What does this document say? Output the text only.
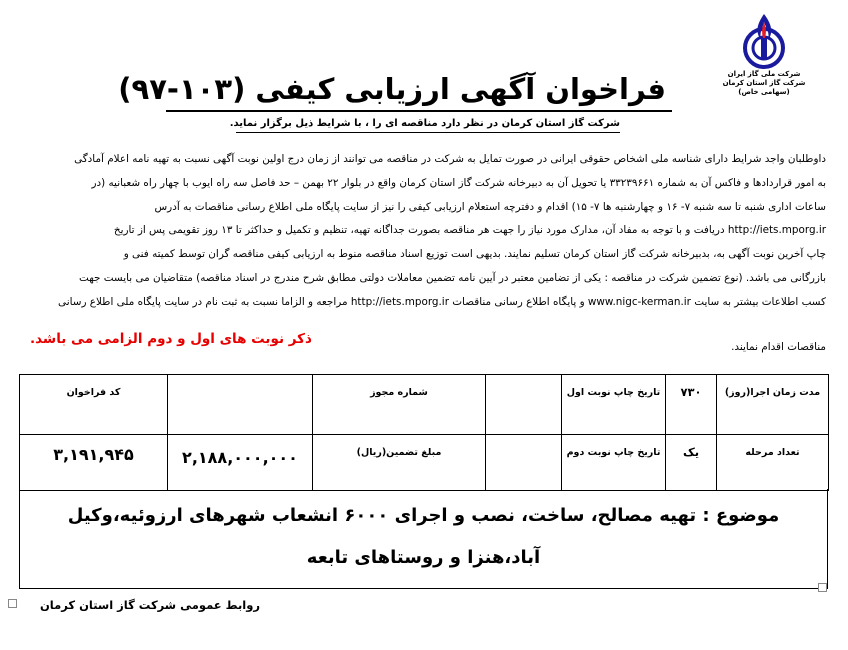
شرکت ملی گاز ایران
شرکت گاز استان کرمان
(سهامی خاص)
فراخوان آگهی ارزیابی کیفی (۱۰۳-۹۷)
شرکت گاز استان کرمان در نظر دارد مناقصه ای را ، با شرایط ذیل برگزار نماید.

داوطلبان واجد شرایط دارای شناسه ملی اشخاص حقوقی ایرانی در صورت تمایل به شرکت در مناقصه می توانند از زمان درج اولین نوبت آگهی نسبت به تهیه نامه اعلام آمادگی

به امور قراردادها و فاکس آن به شماره ۳۳۲۳۹۶۶۱ یا تحویل آن به دبیرخانه شرکت گاز استان کرمان واقع در بلوار ۲۲ بهمن – حد فاصل سه راه ایوب با چهار راه شعبانیه (در

ساعات اداری شنبه تا سه شنبه ۷- ۱۶ و چهارشنبه ها ۷- ۱۵) اقدام و دفترچه استعلام ارزیابی کیفی را نیز از سایت پایگاه ملی اطلاع رسانی مناقصات به آدرس

http://iets.mporg.ir دریافت و با توجه به مفاد آن، مدارک مورد نیاز را جهت هر مناقصه بصورت جداگانه تهیه، تنظیم و تکمیل و حداکثر تا ۱۳ روز تقویمی پس از تاریخ

چاپ آخرین نوبت آگهی به، بدبیرخانه شرکت گاز استان کرمان تسلیم نمایند. بدیهی است توزیع اسناد مناقصه منوط به ارزیابی کیفی مناقصه گران توسط کمیته فنی و

بازرگانی می باشد. (نوع تضمین شرکت در مناقصه : یکی از تضامین معتبر در آیین نامه تضمین معاملات دولتی مطابق شرح مندرج در اسناد مناقصه) متقاضیان می بایست جهت

کسب اطلاعات بیشتر به سایت www.nigc-kerman.ir و پایگاه اطلاع رسانی مناقصات http://iets.mporg.ir مراجعه و الزاما نسبت به ثبت نام در سایت پایگاه ملی اطلاع رسانی

ذکر نوبت های اول و دوم الزامی می باشد.	مناقصات اقدام نمایند.
مدت زمان اجرا(روز)	۷۳۰	تاریخ چاپ نوبت اول		شماره مجوز		کد فراخوان
تعداد مرحله	یک	تاریخ چاپ نوبت دوم		مبلغ تضمین(ریال)	۲,۱۸۸,۰۰۰,۰۰۰	۳,۱۹۱,۹۴۵
موضوع : تهیه مصالح، ساخت، نصب و اجرای ۶۰۰۰ انشعاب شهرهای ارزوئیه،وکیل آباد،هنزا و روستاهای تابعه
روابط عمومی شرکت گاز استان کرمان
